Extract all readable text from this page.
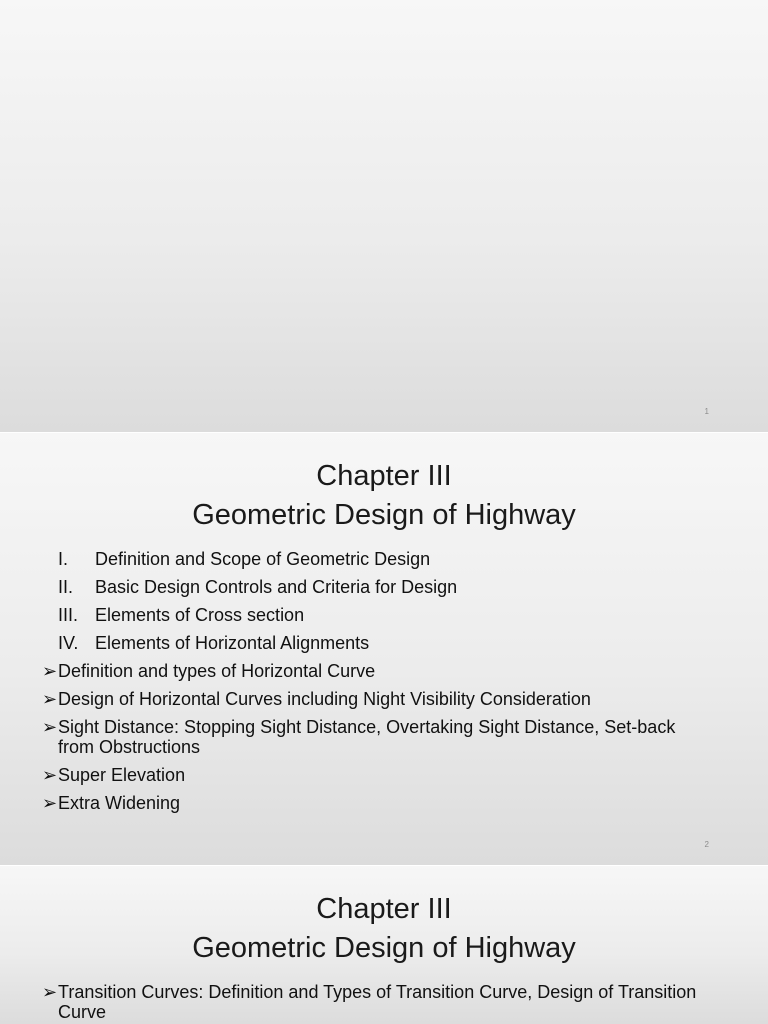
1
Chapter III
Geometric Design of Highway
I. Definition and Scope of Geometric Design
II. Basic Design Controls and Criteria for Design
III. Elements of Cross section
IV. Elements of Horizontal Alignments
➢Definition and types of Horizontal Curve
➢Design of Horizontal Curves including Night Visibility Consideration
➢Sight Distance: Stopping Sight Distance, Overtaking Sight Distance, Set-back from Obstructions
➢Super Elevation
➢Extra Widening
2
Chapter III
Geometric Design of Highway
➢Transition Curves: Definition and Types of Transition Curve, Design of Transition Curve
